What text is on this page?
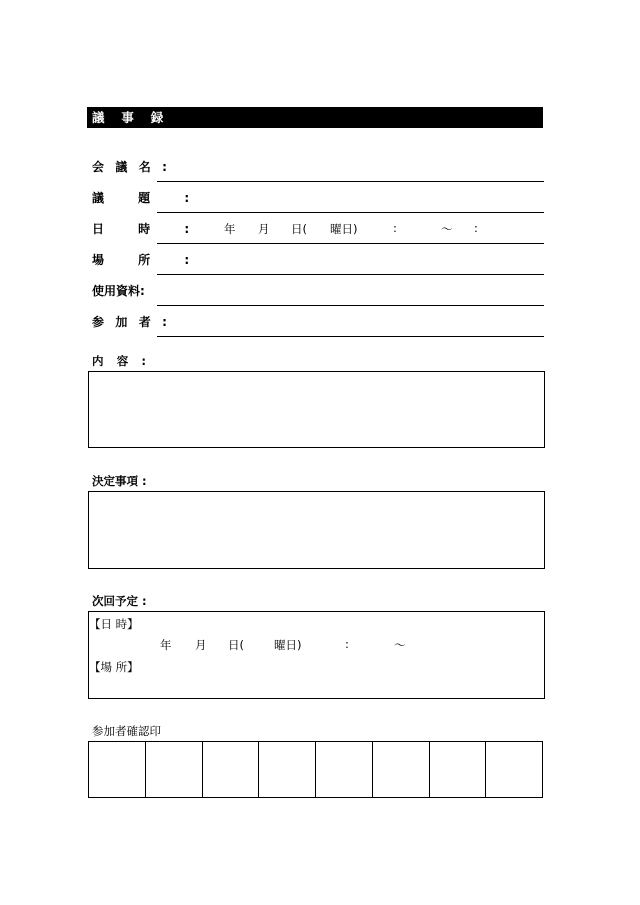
議 事 録
会 議 名 :
議 題 :
日 時 : 年 月 日( 曜日)	:	〜 :
場 所 :
使用資料:
参 加 者 :
内 容 :
決定事項 :
次回予定 :
【日 時】
年 月 日(	曜日)	:	〜
【場 所】
参加者確認印
